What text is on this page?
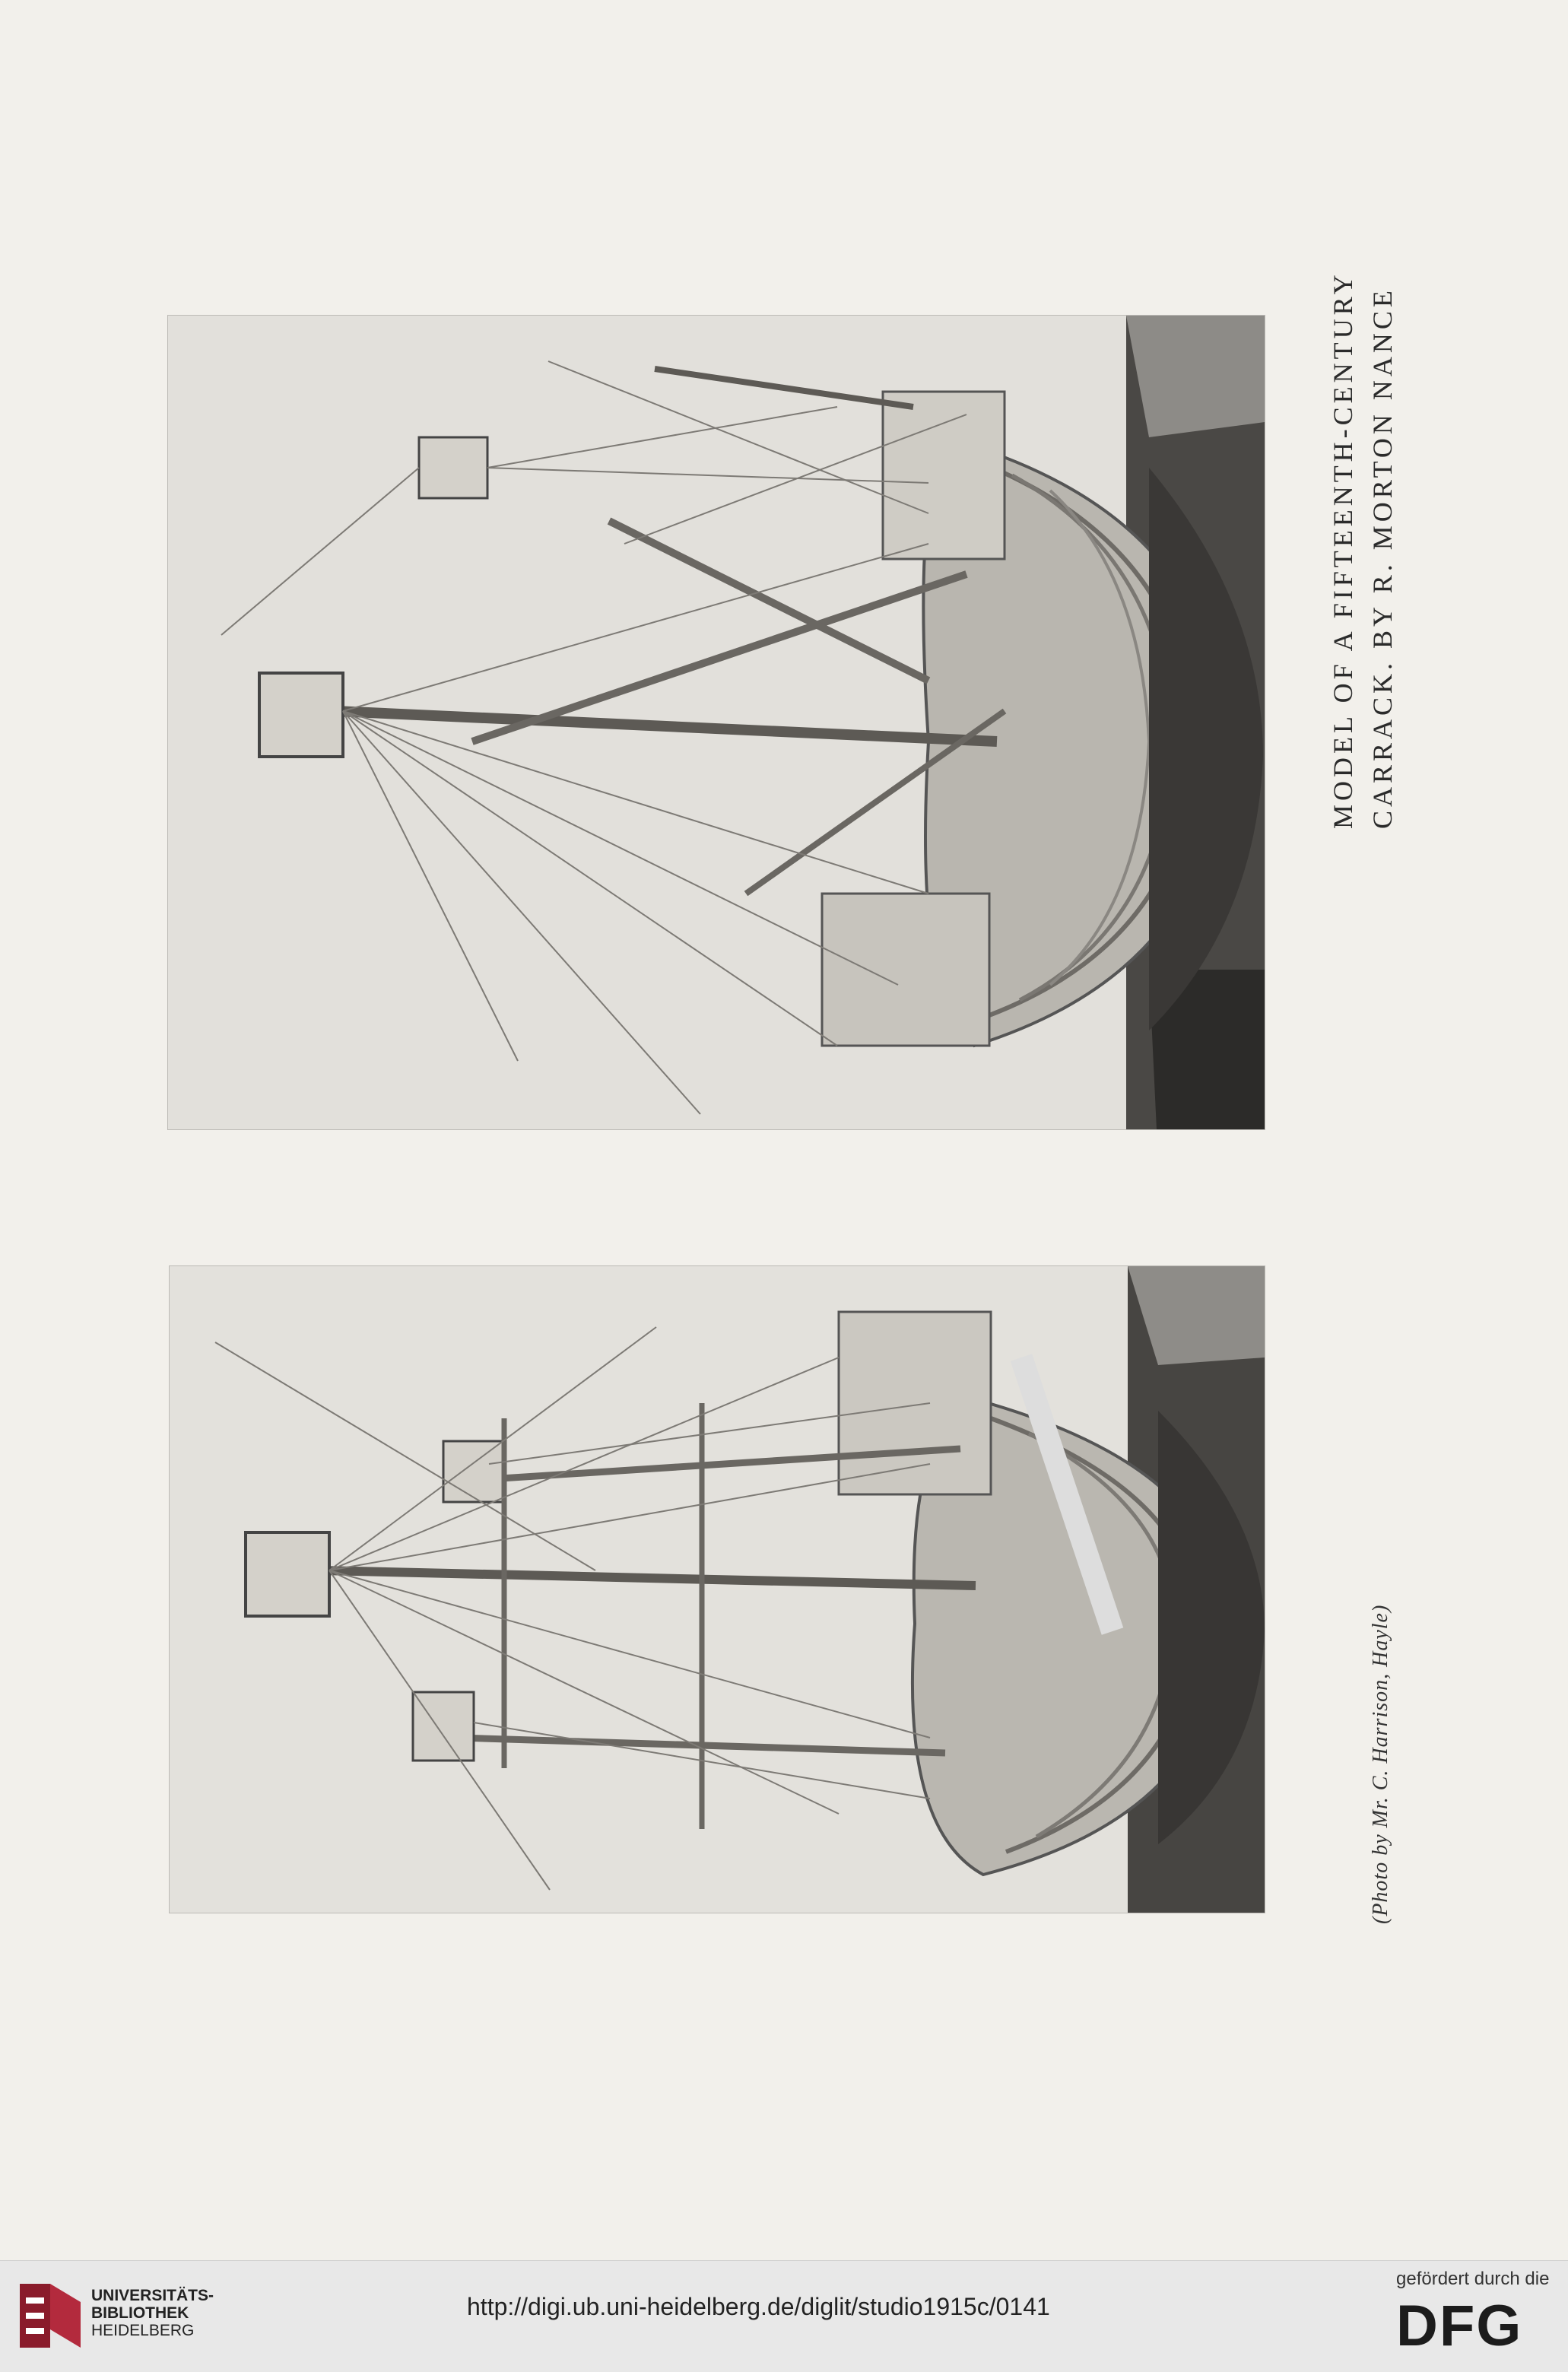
MODEL OF A FIFTEENTH-CENTURY CARRACK. BY R. MORTON NANCE
(Photo by Mr. C. Harrison, Hayle)
UNIVERSITÄTS-
BIBLIOTHEK
HEIDELBERG
http://digi.ub.uni-heidelberg.de/diglit/studio1915c/0141
gefördert durch die
DFG
